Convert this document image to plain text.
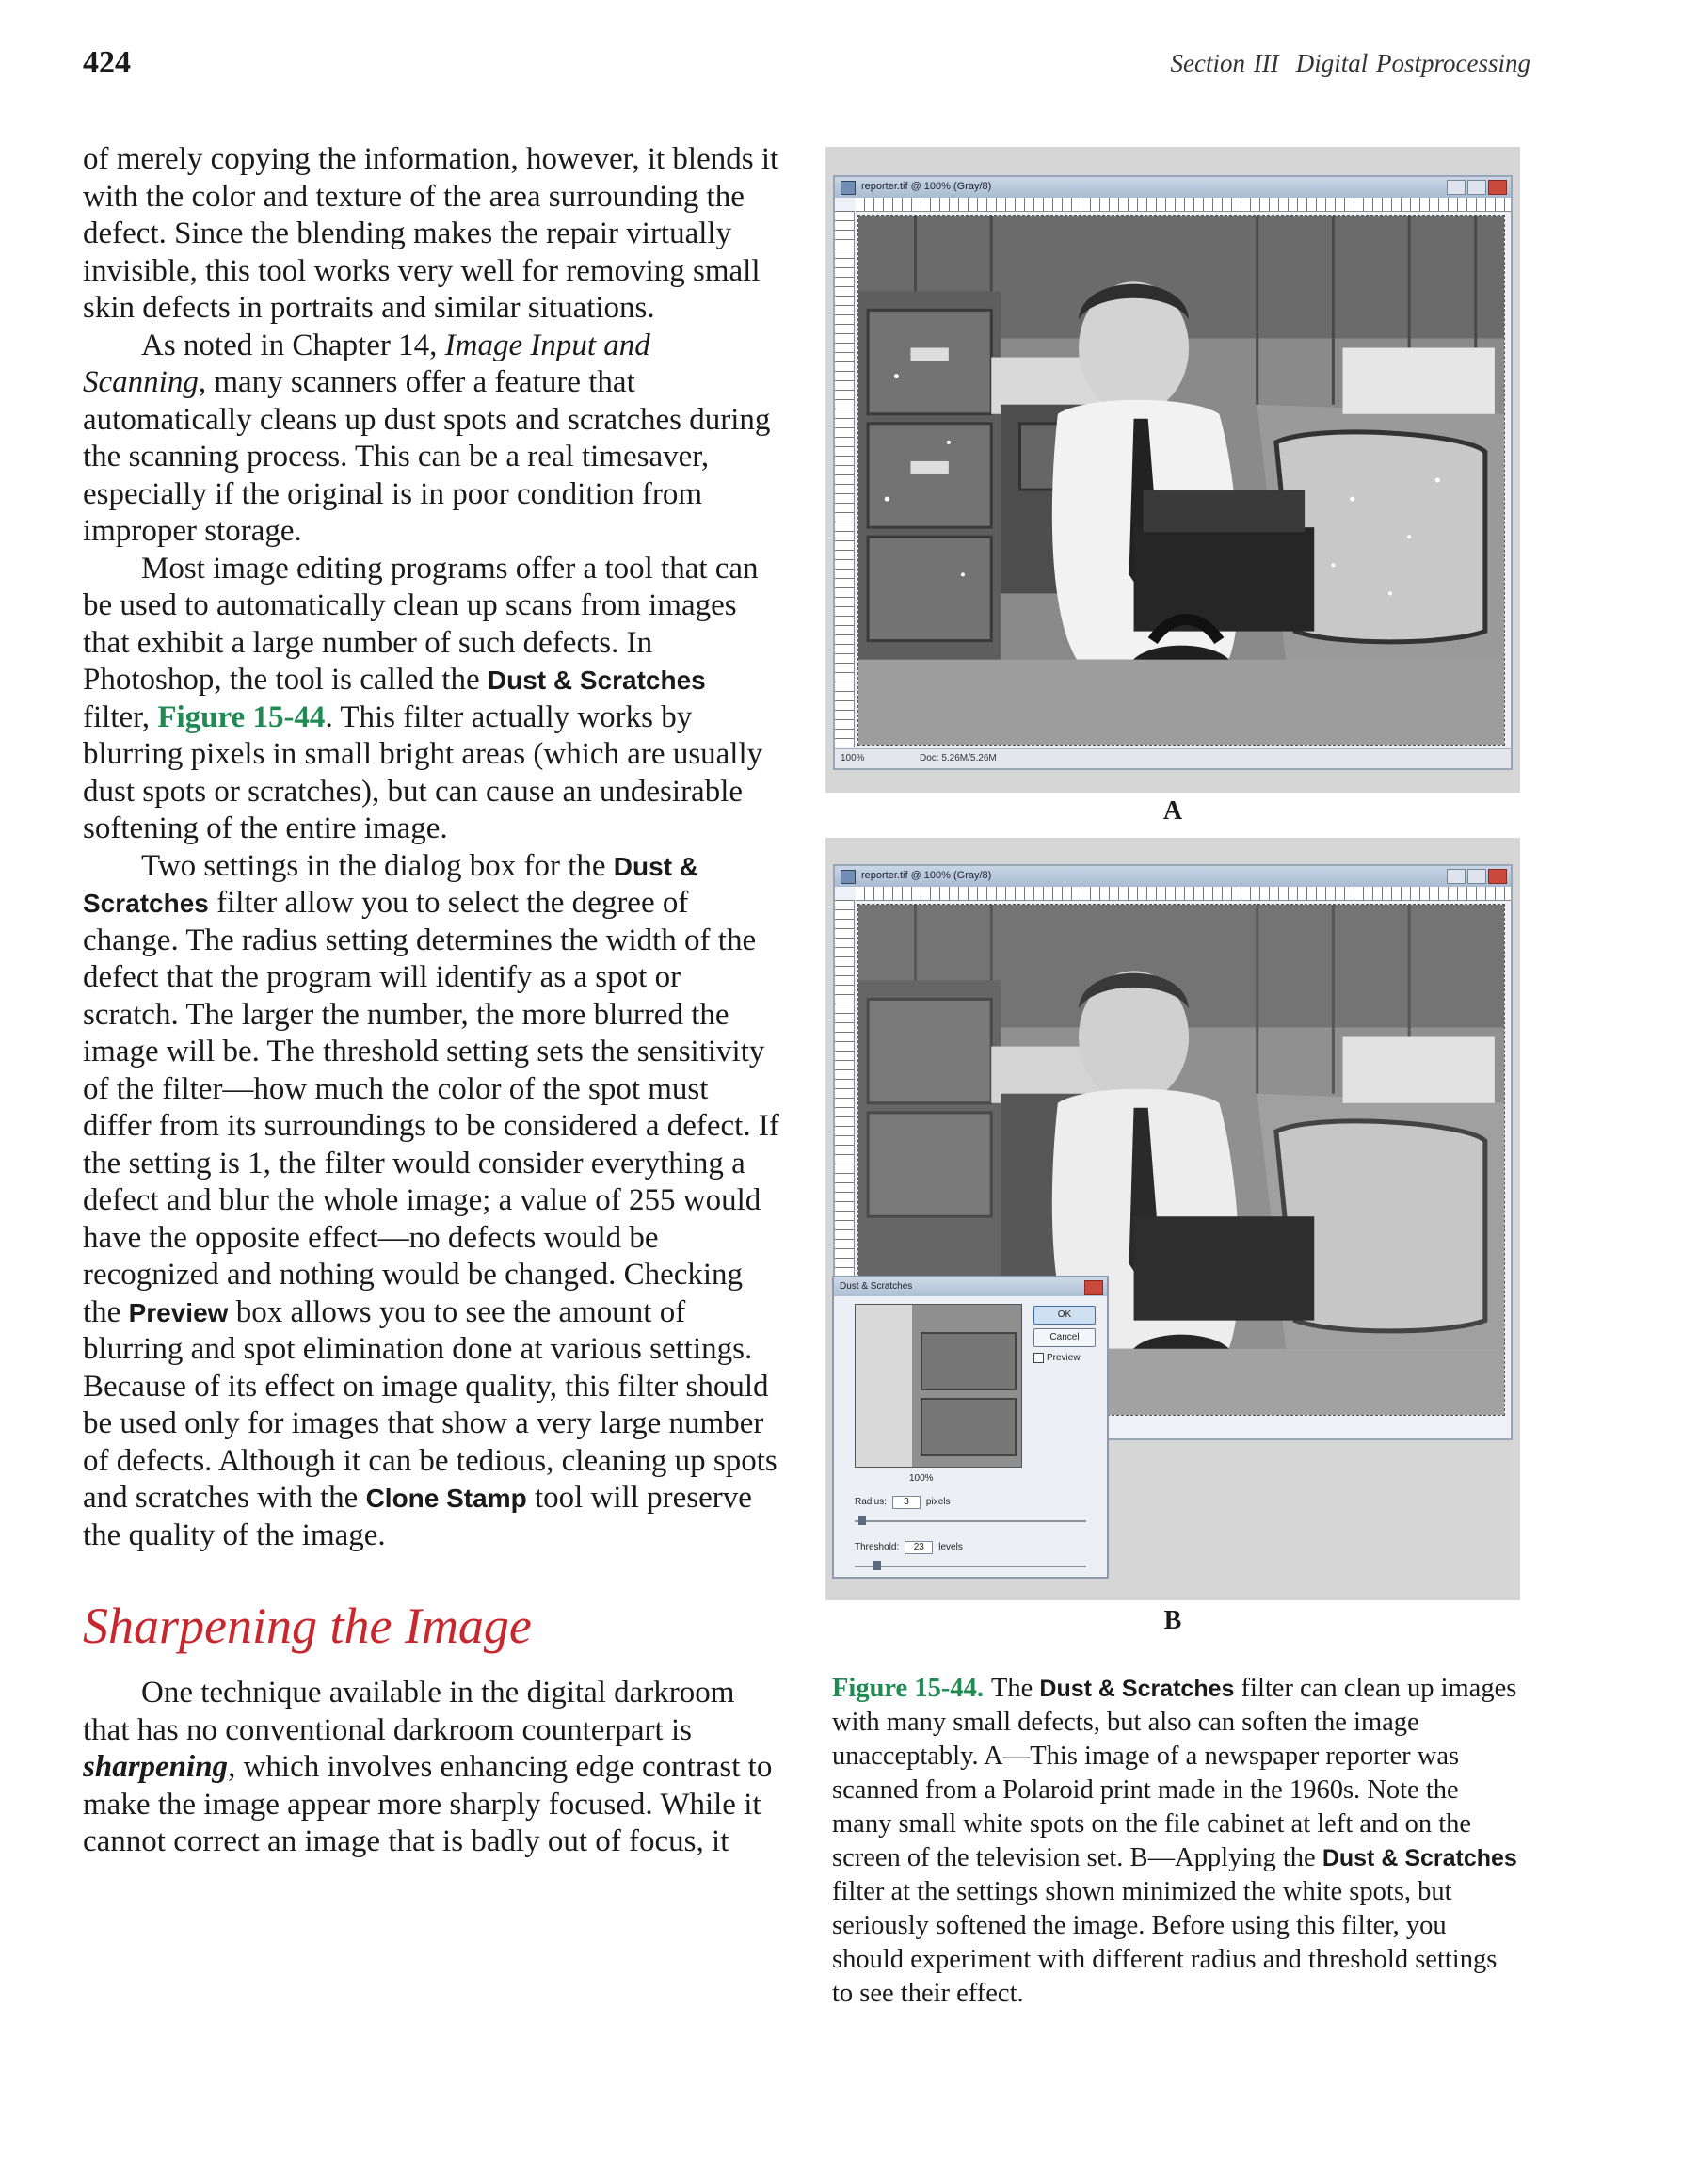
424	Section III Digital Postprocessing

of merely copying the information, however, it blends it with the color and texture of the area surrounding the defect. Since the blending makes the repair virtually invisible, this tool works very well for removing small skin defects in portraits and similar situations.

As noted in Chapter 14, Image Input and Scanning, many scanners offer a feature that automatically cleans up dust spots and scratches during the scanning process. This can be a real timesaver, especially if the original is in poor condition from improper storage.

Most image editing programs offer a tool that can be used to automatically clean up scans from images that exhibit a large number of such defects. In Photoshop, the tool is called the Dust & Scratches filter, Figure 15-44. This filter actually works by blurring pixels in small bright areas (which are usually dust spots or scratches), but can cause an undesirable softening of the entire image.

Two settings in the dialog box for the Dust & Scratches filter allow you to select the degree of change. The radius setting determines the width of the defect that the program will identify as a spot or scratch. The larger the number, the more blurred the image will be. The threshold setting sets the sensitivity of the filter—how much the color of the spot must differ from its surroundings to be considered a defect. If the setting is 1, the filter would consider everything a defect and blur the whole image; a value of 255 would have the opposite effect—no defects would be recognized and nothing would be changed. Checking the Preview box allows you to see the amount of blurring and spot elimination done at various settings. Because of its effect on image quality, this filter should be used only for images that show a very large number of defects. Although it can be tedious, cleaning up spots and scratches with the Clone Stamp tool will preserve the quality of the image.

Sharpening the Image

One technique available in the digital darkroom that has no conventional darkroom counterpart is sharpening, which involves enhancing edge contrast to make the image appear more sharply focused. While it cannot correct an image that is badly out of focus, it

reporter.tif @ 100% (Gray/8)
100%	Doc: 5.26M/5.26M
A
reporter.tif @ 100% (Gray/8)
B
Dust & Scratches
OK
Cancel
Preview
100%
Radius: 3 pixels
Threshold: 23 levels
Figure 15-44. The Dust & Scratches filter can clean up images with many small defects, but also can soften the image unacceptably. A—This image of a newspaper reporter was scanned from a Polaroid print made in the 1960s. Note the many small white spots on the file cabinet at left and on the screen of the television set. B—Applying the Dust & Scratches filter at the settings shown minimized the white spots, but seriously softened the image. Before using this filter, you should experiment with different radius and threshold settings to see their effect.
